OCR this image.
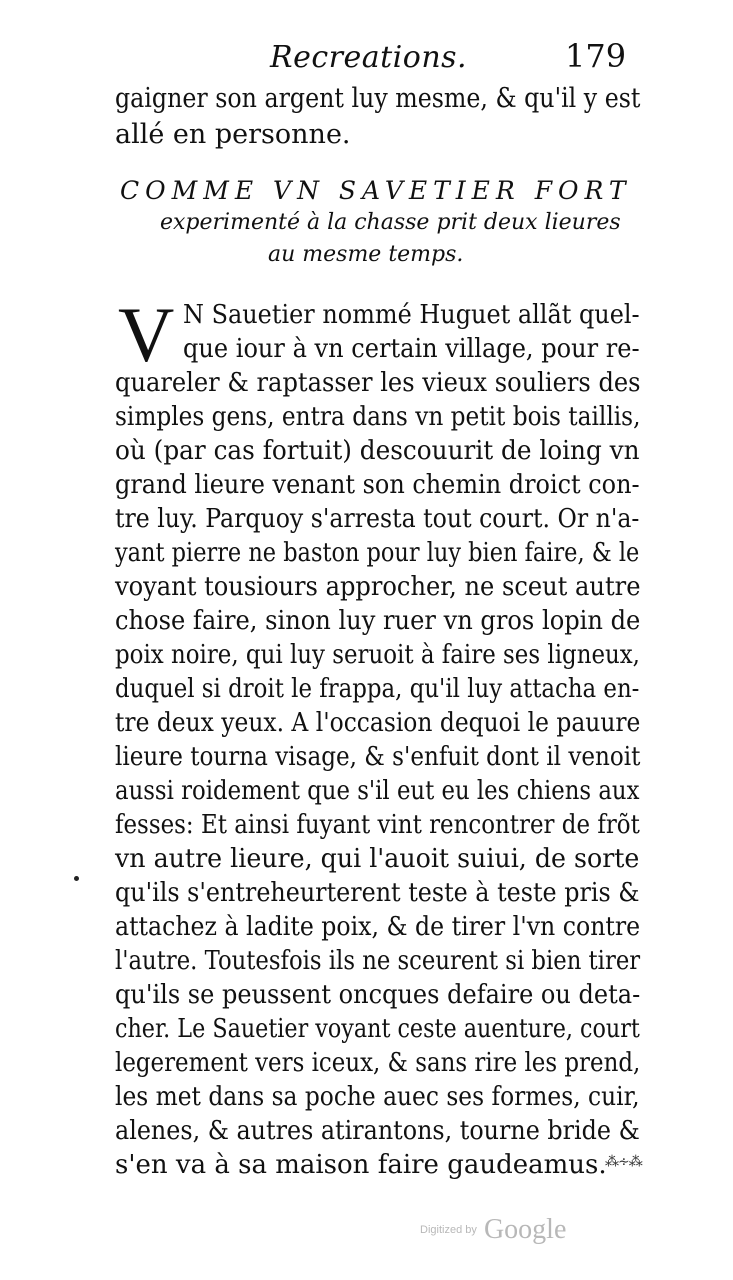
Recreations.	179
gaigner son argent luy mesme, & qu'il y est
allé en personne.
COMME VN SAVETIER FORT
experimenté à la chasse prit deux lieures
au mesme temps.
V N Sauetier nommé Huguet allãt quel-
que iour à vn certain village, pour re-
quareler & raptasser les vieux souliers des
simples gens, entra dans vn petit bois taillis,
où (par cas fortuit) descouurit de loing vn
grand lieure venant son chemin droict con-
tre luy. Parquoy s'arresta tout court. Or n'a-
yant pierre ne baston pour luy bien faire, & le
voyant tousiours approcher, ne sceut autre
chose faire, sinon luy ruer vn gros lopin de
poix noire, qui luy seruoit à faire ses ligneux,
duquel si droit le frappa, qu'il luy attacha en-
tre deux yeux. A l'occasion dequoi le pauure
lieure tourna visage, & s'enfuit dont il venoit
aussi roidement que s'il eut eu les chiens aux
fesses: Et ainsi fuyant vint rencontrer de frõt
vn autre lieure, qui l'auoit suiui, de sorte
qu'ils s'entreheurterent teste à teste pris &
attachez à ladite poix, & de tirer l'vn contre
l'autre. Toutesfois ils ne sceurent si bien tirer
qu'ils se peussent oncques defaire ou deta-
cher. Le Sauetier voyant ceste auenture, court
legerement vers iceux, & sans rire les prend,
les met dans sa poche auec ses formes, cuir,
alenes, & autres atirantons, tourne bride &
s'en va à sa maison faire gaudeamus.
⁂∻⁂
Digitized by Google
